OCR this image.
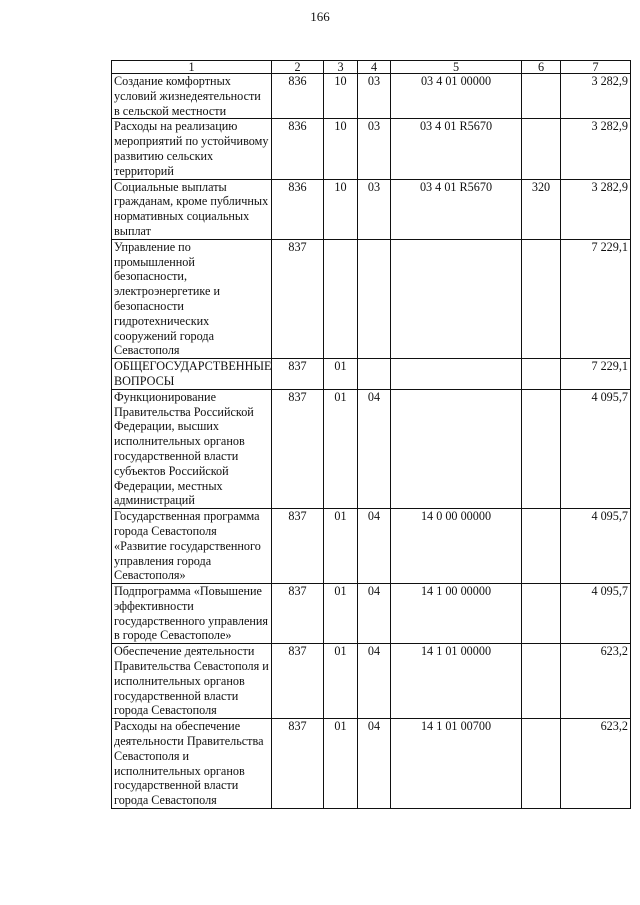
166
1	2	3	4	5	6	7
Создание комфортных условий жизнедеятельности в сельской местности	836	10	03	03 4 01 00000		3 282,9
Расходы на реализацию мероприятий по устойчивому развитию сельских территорий	836	10	03	03 4 01 R5670		3 282,9
Социальные выплаты гражданам, кроме публичных нормативных социальных выплат	836	10	03	03 4 01 R5670	320	3 282,9
Управление по промышленной безопасности, электроэнергетике и безопасности гидротехнических сооружений города Севастополя	837					7 229,1
ОБЩЕГОСУДАРСТВЕННЫЕ ВОПРОСЫ	837	01				7 229,1
Функционирование Правительства Российской Федерации, высших исполнительных органов государственной власти субъектов Российской Федерации, местных администраций	837	01	04			4 095,7
Государственная программа города Севастополя «Развитие государственного управления города Севастополя»	837	01	04	14 0 00 00000		4 095,7
Подпрограмма «Повышение эффективности государственного управления в городе Севастополе»	837	01	04	14 1 00 00000		4 095,7
Обеспечение деятельности Правительства Севастополя и исполнительных органов государственной власти города Севастополя	837	01	04	14 1 01 00000		623,2
Расходы на обеспечение деятельности Правительства Севастополя и исполнительных органов государственной власти города Севастополя	837	01	04	14 1 01 00700		623,2
